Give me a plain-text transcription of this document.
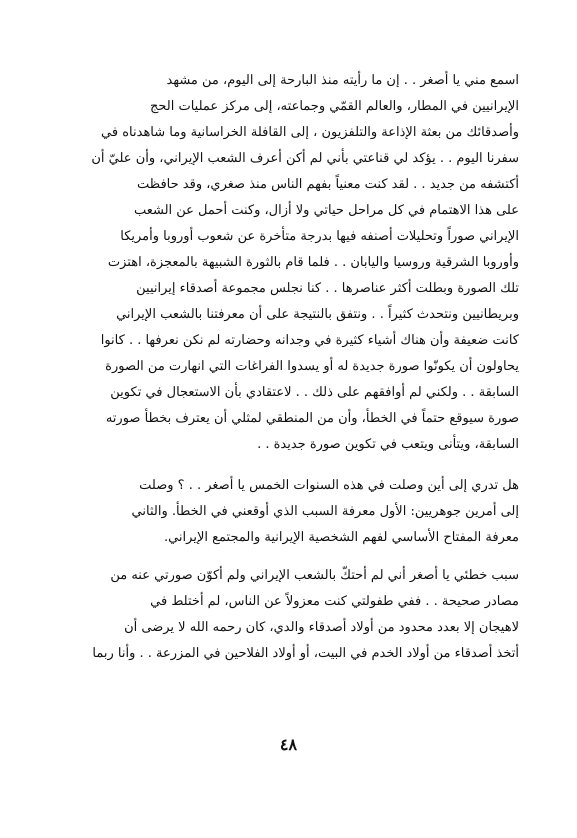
اسمع مني يا أصغر . . إن ما رأيته منذ البارحة إلى اليوم، من مشهد
الإيرانيين في المطار، والعالم القمّي وجماعته، إلى مركز عمليات الحج
وأصدقائك من بعثة الإذاعة والتلفزيون ، إلى القافلة الخراسانية وما شاهدناه في
سفرنا اليوم . . يؤكد لي قناعتي بأني لم أكن أعرف الشعب الإيراني، وأن عليّ أن
أكتشفه من جديد . . لقد كنت معنياً بفهم الناس منذ صغري، وقد حافظت
على هذا الاهتمام في كل مراحل حياتي ولا أزال، وكنت أحمل عن الشعب
الإيراني صوراً وتحليلات أصنفه فيها بدرجة متأخرة عن شعوب أوروبا وأمريكا
وأوروبا الشرقية وروسيا واليابان . . فلما قام بالثورة الشبيهة بالمعجزة، اهتزت
تلك الصورة وبطلت أكثر عناصرها . . كنا نجلس مجموعة أصدقاء إيرانيين
وبريطانيين ونتحدث كثيراً . . ونتفق بالنتيجة على أن معرفتنا بالشعب الإيراني
كانت ضعيفة وأن هناك أشياء كثيرة في وجدانه وحضارته لم نكن نعرفها . . كانوا
يحاولون أن يكونّوا صورة جديدة له أو يسدوا الفراغات التي انهارت من الصورة
السابقة . . ولكني لم أوافقهم على ذلك . . لاعتقادي بأن الاستعجال في تكوين
صورة سيوقع حتماً في الخطأ، وأن من المنطقي لمثلي أن يعترف بخطأ صورته
السابقة، ويتأنى ويتعب في تكوين صورة جديدة . .

هل تدري إلى أين وصلت في هذه السنوات الخمس يا أصغر . . ؟ وصلت
إلى أمرين جوهريين: الأول معرفة السبب الذي أوقعني في الخطأ. والثاني
معرفة المفتاح الأساسي لفهم الشخصية الإيرانية والمجتمع الإيراني.

سبب خطئي يا أصغر أني لم أحتكّ بالشعب الإيراني ولم أكوّن صورتي عنه من
مصادر صحيحة . . ففي طفولتي كنت معزولاً عن الناس، لم أختلط في
لاهيجان إلا بعدد محدود من أولاد أصدقاء والدي، كان رحمه الله لا يرضى أن
أتخذ أصدقاء من أولاد الخدم في البيت، أو أولاد الفلاحين في المزرعة . . وأنا ربما

٤٨
